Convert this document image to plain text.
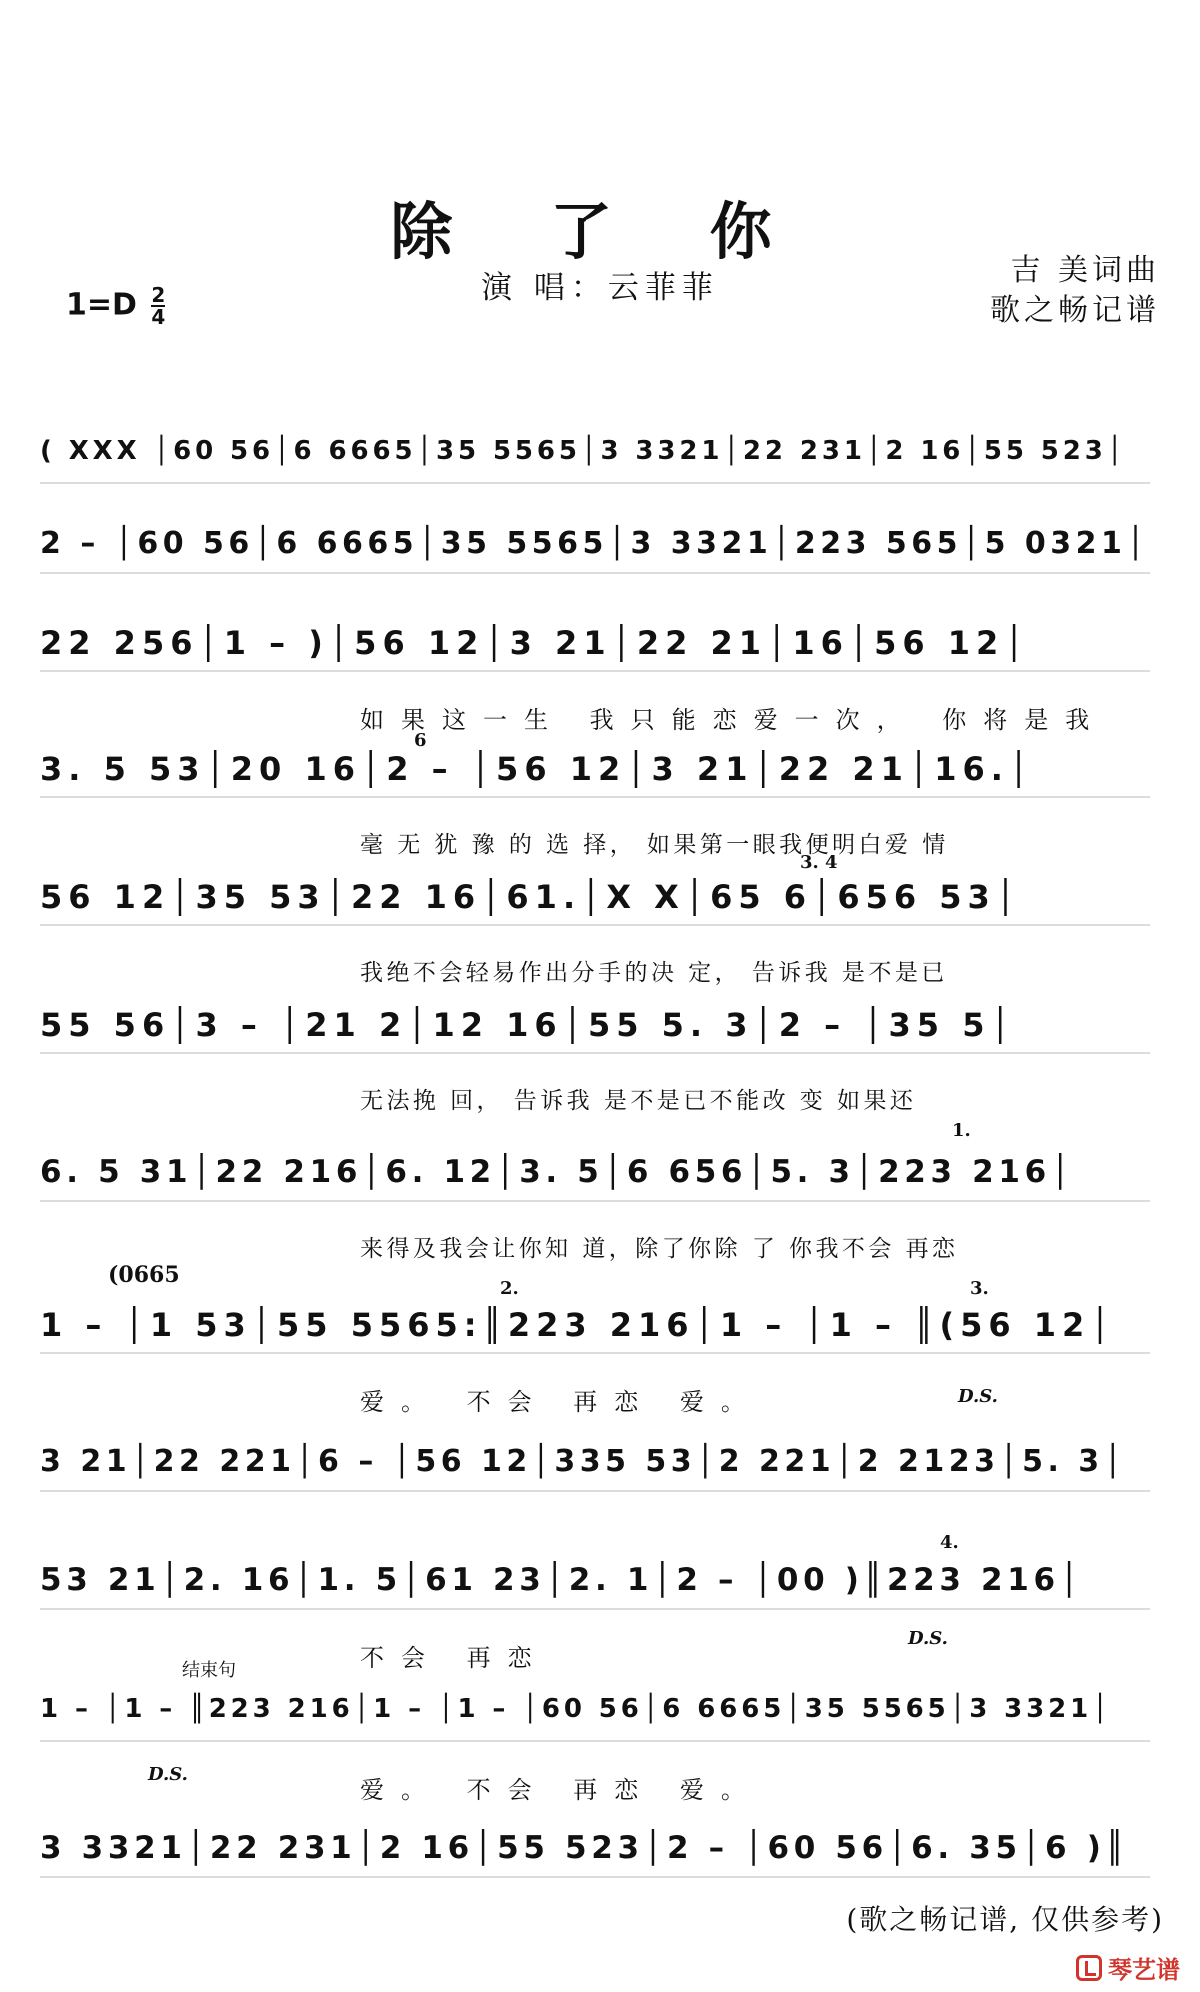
除 了 你
演 唱：云菲菲	吉 美词曲
歌之畅记谱
$1=D \frac{2}{4}$
( XXX │60 56│6 6665│35 5565│3 3321│22 231│2 16│55 523│
2 – │60 56│6 6665│35 5565│3 3321│223 565│5 0321│
22 256│1 – )│56 12│3 21│22 21│16│56 12│
如果这一生 我只能恋爱一次， 你将是我
3. 5 53│20 16│2 – │56 12│3 21│22 21│16.│
毫 无 犹 豫 的 选 择， 如果第一眼我便明白爱 情
56 12│35 53│22 16│61.│X X│65 6│656 53│
我绝不会轻易作出分手的决 定， 告诉我 是不是已
55 56│3 – │21 2│12 16│55 5. 3│2 – │35 5│
无法挽 回， 告诉我 是不是已不能改 变 如果还
6. 5 31│22 216│6. 12│3. 5│6 656│5. 3│223 216│
来得及我会让你知 道，除了你除 了 你我不会 再恋
1 – │1 53│55 5565:║223 216│1 – │1 – ║(56 12│
爱。 不会 再恋 爱。
3 21│22 221│6 – │56 12│335 53│2 221│2 2123│5. 3│
53 21│2. 16│1. 5│61 23│2. 1│2 – │00 )║223 216│
不会 再恋
1 – │1 – ║223 216│1 – │1 – │60 56│6 6665│35 5565│3 3321│
爱。 不会 再恋 爱。
3 3321│22 231│2 16│55 523│2 – │60 56│6. 35│6 )║
(0665
3. 4
1.
2.	3.
4.
结束句
D.S.
D.S.
D.S.
6
(歌之畅记谱, 仅供参考)
琴艺谱
